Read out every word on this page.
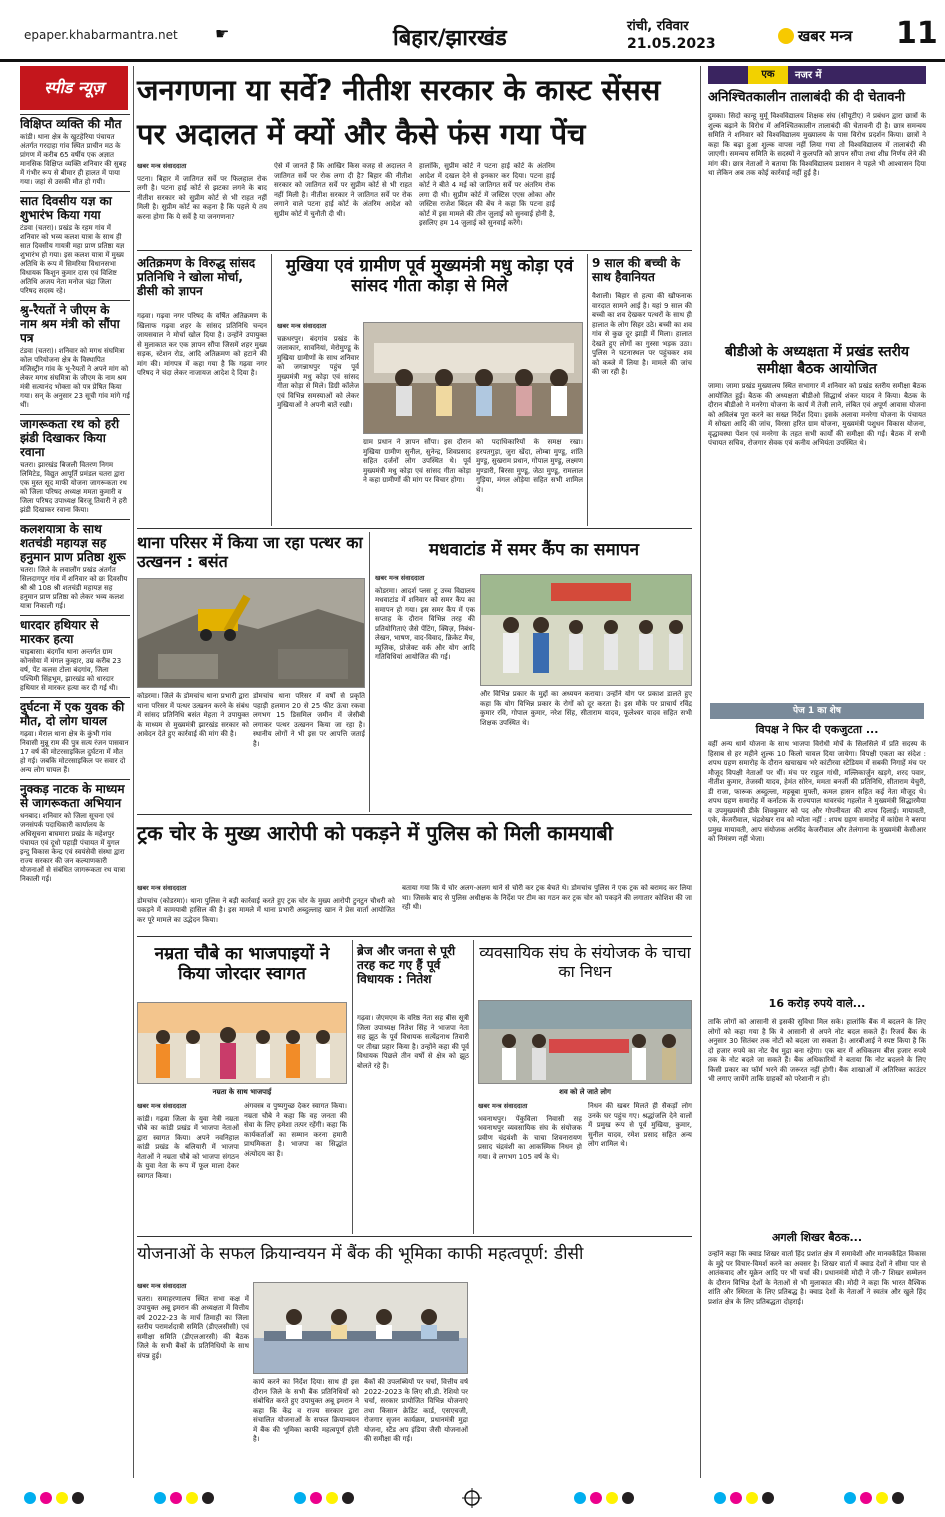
epaper.khabarmantra.net ☛	बिहार/झारखंड	रांची, रविवार
21.05.2023	खबर मन्त्र 11
स्पीड न्यूज़
विक्षिप्त व्यक्ति की मौत
कांडी। थाना क्षेत्र के खुटहेरिया पंचायत अंतर्गत गरदाहा गांव स्थित प्राचीन मठ के प्रांगण में करीब 65 वर्षीय एक अज्ञात मानसिक विक्षिप्त व्यक्ति शनिवार की सुबह में गंभीर रूप से बीमार ही हालत में पाया गया। जहां से उसकी मौत हो गयी।
सात दिवसीय यज्ञ का शुभारंभ किया गया
टंडवा (चतरा)। प्रखंड के रहम गांव में शनिवार को भव्य कलश यात्रा के साथ ही सात दिवसीय गायत्री महा प्राण प्रतिष्ठा यज्ञ शुभारंभ हो गया। इस कलश यात्रा में मुख्य अतिथि के रूप में सिमरिया विधानसभा विधायक किशुन कुमार दास एवं विशिष्ट अतिथि अजय नेता मनोज चंद्रा जिला परिषद सदस्य रहे।
श्रु-रैयतों ने जीएम के नाम श्रम मंत्री को सौंपा पत्र
टंडवा (चतरा)। शनिवार को मगध संघमित्रा कोल परियोजना क्षेत्र के विस्थापित मजिस्ट्रीन गांव के भू-रैयतों ने अपने मांग को लेकर मगध संघमित्रा के जीएम के नाम श्रम मंत्री सत्यानंद भोक्ता को पत्र प्रेषित किया गया। सन् के अनुसार 23 सूची गांव मांगे गई थीं।
जागरूकता रथ को हरी झंडी दिखाकर किया रवाना
चतरा। झारखंड बिजली वितरण निगम लिमिटेड, विद्युत आपूर्ति प्रमंडल चतरा द्वारा एक मुस्त सूद माफी योजना जागरूकता रथ को जिला परिषद अध्यक्ष ममता कुमारी व जिला परिषद उपाध्यक्ष बिरजू तिवारी ने हरी झंडी दिखाकर रवाना किया।
कलशयात्रा के साथ शतचंडी महायज्ञ सह हनुमान प्राण प्रतिष्ठा शुरू
चतरा। जिले के लवालौंग प्रखंड अंतर्गत सिलदागपुर गांव में शनिवार को छः दिवसीय श्री श्री 108 श्री शतचंडी महायज्ञ सह हनुमान प्राण प्रतिष्ठा को लेकर भव्य कलश यात्रा निकाली गई।
धारदार हथियार से मारकर हत्या
चाइबासा। बंदगाँव थाना अन्तर्गत ग्राम कोनसेया में मंगल कुम्हार, उम्र करीब 23 वर्ष, पेंट कलस टोला बंदगांव, जिला पश्चिमी सिंहभूम, झारखंड को धारदार हथियार से मारकर हत्या कर दी गई थी।
दुर्घटना में एक युवक की मौत, दो लोग घायल
गढ़वा। मेराल थाना क्षेत्र के कुंभी गांव निवासी मुन्नू राम की पुत्र सत्य रंजन पासवान 17 वर्ष की मोटरसाइकिल दुर्घटना में मौत हो गई। जबकि मोटरसाइकिल पर सवार दो अन्य लोग घायल हैं।
नुक्कड़ नाटक के माध्यम से जागरूकता अभियान
धनबाद। शनिवार को जिला सूचना एवं जनसंपर्क पदाधिकारी कार्यालय के अधिसूचना बाघमारा प्रखंड के महेशपुर पंचायत एवं दूधो पहाड़ी पंचायत में युगल इन्दु विकास केन्द्र एवं स्वयंसेवी संस्था द्वारा राज्य सरकार की जन कल्याणकारी योजनाओं से संबंधित जागरूकता रथ यात्रा निकाली गई।
जनगणना या सर्वे? नीतीश सरकार के कास्ट सेंसस पर अदालत में क्यों और कैसे फंस गया पेंच
खबर मन्त्र संवाददाता
पटना। बिहार में जातिगत सर्वे पर फिलहाल रोक लगी है। पटना हाई कोर्ट से झटका लगने के बाद नीतीश सरकार को सुप्रीम कोर्ट से भी राहत नहीं मिली है। सुप्रीम कोर्ट का कहना है कि पहले ये तय करना होगा कि ये सर्वे है या जनगणना?
ऐसे में जानते हैं कि आखिर किस वजह से अदालत ने जातिगत सर्वे पर रोक लगा दी है? बिहार की नीतीश सरकार को जातिगत सर्वे पर सुप्रीम कोर्ट से भी राहत नहीं मिली है। नीतीश सरकार ने जातिगत सर्वे पर रोक लगाने वाले पटना हाई कोर्ट के अंतरिम आदेश को सुप्रीम कोर्ट में चुनौती दी थी।
हालांकि, सुप्रीम कोर्ट ने पटना हाई कोर्ट के अंतरिम आदेश में दखल देने से इनकार कर दिया। पटना हाई कोर्ट ने बीते 4 मई को जातिगत सर्वे पर अंतरिम रोक लगा दी थी। सुप्रीम कोर्ट में जस्टिस एएस ओका और जस्टिस राजेश बिंदल की बेंच ने कहा कि पटना हाई कोर्ट में इस मामले की तीन जुलाई को सुनवाई होनी है, इसलिए हम 14 जुलाई को सुनवाई करेंगे।
अतिक्रमण के विरुद्ध सांसद प्रतिनिधि ने खोला मोर्चा, डीसी को ज्ञापन
गढ़वा। गढ़वा नगर परिषद के वर्षित अतिक्रमण के खिलाफ गढ़वा शहर के सांसद प्रतिनिधि चन्दन जायसवाल ने मोर्चा खोल दिया है। उन्होंने उपायुक्त से मुलाकात कर एक ज्ञापन सौंपा जिसमें शहर मुख्य सड़क, स्टेशन रोड, आदि अतिक्रमण को हटाने की मांग की। मांगपत्र में कहा गया है कि गढ़वा नगर परिषद ने चंदा लेकर नाजायज आदेश दे दिया है।
मुखिया एवं ग्रामीण पूर्व मुख्यमंत्री मधु कोड़ा एवं सांसद गीता कोड़ा से मिले
खबर मन्त्र संवाददाता
चक्रधरपुर। बंदगांव प्रखंड के जलाकार, सावनियां, मेरोमुण्डू के मुखिया ग्रामीणों के साथ शनिवार को जगन्नाथपुर पहुंच पूर्व मुख्यमंत्री मधु कोड़ा एवं सांसद गीता कोड़ा से मिले। डिग्री कॉलेज एवं विभिन्न समस्याओं को लेकर मुखियाओं ने अपनी बातें रखी।
ग्राम प्रधान ने ज्ञापन सौंपा। इस दौरान मुखिया ग्रामीण सुनील, सुनेन्द्र, शिवप्रसाद सहित दर्जनों लोग उपस्थित थे। पूर्व मुख्यमंत्री मधु कोड़ा एवं सांसद गीता कोड़ा ने कहा ग्रामीणों की मांग पर विचार होगा।
को पदाधिकारियों के समक्ष रखा। हरपतगुड़ा, जुरा खेंदा, लोम्बा मुण्डू, शांति मुण्डू, सुखराम प्रधान, गोपाल मुण्डू, लक्ष्मण मुण्डारी, बिरसा मुण्डू, जेठा मुण्डू, रामलाल गुड़िया, मंगल ओड़ेया सहित सभी शामिल थे।
9 साल की बच्ची के साथ हैवानियत
वैशाली। बिहार से हत्या की खौफनाक वारदात सामने आई है। यहां 9 साल की बच्ची का शव देखकर पत्थरों के साथ ही हालात के लोग सिहर उठे। बच्ची का शव गांव से कुछ दूर झाड़ी में मिला। हालात देखते हुए लोगों का गुस्सा भड़क उठा। पुलिस ने घटनास्थल पर पहुंचकर शव को कब्जे में लिया है। मामले की जांच की जा रही है।
थाना परिसर में किया जा रहा पत्थर का उत्खनन : बसंत
कोडरमा। जिले के डोमचांच थाना प्रभारी द्वारा थाना परिसर में पत्थर उत्खनन करने के संबंध में सांसद प्रतिनिधि बसंत मेहता ने उपायुक्त के माध्यम से मुख्यमंत्री झारखंड सरकार को आवेदन देते हुए कार्रवाई की मांग की है।
डोमचांच थाना परिसर में वर्षों से प्रकृति पहाड़ी हलमान 20 से 25 फीट ऊंचा रकवा लगभग 15 डिसमिल जमीन में जेसीबी लगाकर पत्थर उत्खनन किया जा रहा है। स्थानीय लोगों ने भी इस पर आपत्ति जताई है।
मधवाटांड में समर कैंप का समापन
खबर मन्त्र संवाददाता
कोडरमा। आदर्श प्लस टू उच्च विद्यालय मधवाटांड में शनिवार को समर कैंप का समापन हो गया। इस समर कैंप में एक सप्ताह के दौरान विभिन्न तरह की प्रतियोगिताएं जैसे पेंटिंग, क्विज़, निबंध-लेखन, भाषण, वाद-विवाद, क्रिकेट मैच, म्यूजिक, प्रोजेक्ट वर्क और योग आदि गतिविधियां आयोजित की गई।
और विभिन्न प्रकार के मुद्दों का अध्ययन कराया। उन्होंने योग पर प्रकाश डालते हुए कहा कि योग विभिन्न प्रकार के रोगों को दूर करता है। इस मौके पर प्राचार्य रविंद्र कुमार रवि, गोपाल कुमार, नरेश सिंह, सीताराम यादव, फूलेश्वर यादव सहित सभी शिक्षक उपस्थित थे।
ट्रक चोर के मुख्य आरोपी को पकड़ने में पुलिस को मिली कामयाबी
खबर मन्त्र संवाददाता
डोमचांच (कोडरमा)। थाना पुलिस ने बड़ी कार्रवाई करते हुए ट्रक चोर के मुख्य आरोपी टुनटुन चौधरी को पकड़ने में कामयाबी हासिल की है। इस मामले में थाना प्रभारी अब्दुल्लाह खान ने प्रेस वार्ता आयोजित कर पूरे मामले का उद्भेदन किया।
बताया गया कि ये चोर अलग-अलग थाने से चोरी कर ट्रक बेचते थे। डोमचांच पुलिस ने एक ट्रक को बरामद कर लिया था। जिसके बाद से पुलिस अधीक्षक के निर्देश पर टीम का गठन कर ट्रक चोर को पकड़ने की लगातार कोशिश की जा रही थी।
नम्रता चौबे का भाजपाइयों ने किया जोरदार स्वागत
नम्रता के साथ भाजपाई
खबर मन्त्र संवाददाता
कांडी। गढ़वा जिला के युवा नेत्री नम्रता चौबे का कांडी प्रखंड में भाजपा नेताओं द्वारा स्वागत किया। अपने नवनिहाल कांडी प्रखंड के बलियारी में भाजपा नेताओं ने नम्रता चौबे को भाजपा संगठन के युवा नेता के रूप में फूल माला देकर स्वागत किया।
अंगवस्त्र व पुष्पगुच्छ देकर स्वागत किया। नम्रता चौबे ने कहा कि वह जनता की सेवा के लिए हमेशा तत्पर रहेंगी। कहा कि कार्यकर्ताओं का सम्मान करना हमारी प्राथमिकता है। भाजपा का सिद्धांत अंत्योदय का है।
ब्रेज और जनता से पूरी तरह कट गए हैं पूर्व विधायक : नितेश
गढ़वा। जेएमएम के वरिष्ठ नेता सह बीस सूत्री जिला उपाध्यक्ष नितेश सिंह ने भाजपा नेता सह झूठ के पूर्व विधायक सत्येंद्रनाथ तिवारी पर तीखा प्रहार किया है। उन्होंने कहा की पूर्व विधायक पिछले तीन वर्षों से क्षेत्र को झूठ बोलते रहे हैं।
व्यवसायिक संघ के संयोजक के चाचा का निधन
शव को ले जाते लोग
खबर मन्त्र संवाददाता
भवनाथपुर। पेंकुविला निवासी सह भवनाथपुर व्यवसायिक संघ के संयोजक प्रवीण चंद्रवंशी के चाचा शिवनारायण प्रसाद चंद्रवंशी का आकस्मिक निधन हो गया। वे लगभग 105 वर्ष के थे।
निधन की खबर मिलते ही सैकड़ों लोग उनके घर पहुंच गए। श्रद्धांजलि देने वालों में प्रमुख रूप से पूर्व मुखिया, कुमार, सुनील यादव, रमेश प्रसाद सहित अन्य लोग शामिल थे।
योजनाओं के सफल क्रियान्वयन में बैंक की भूमिका काफी महत्वपूर्ण: डीसी
खबर मन्त्र संवाददाता
चतरा। समाहरणालय स्थित सभा कक्ष में उपायुक्त अबू इमरान की अध्यक्षता में वित्तीय वर्ष 2022-23 के मार्च तिमाही का जिला स्तरीय परामर्शदात्री समिति (डीएलसीसी) एवं समीक्षा समिति (डीएलआरसी) की बैठक जिले के सभी बैंकों के प्रतिनिधियों के साथ संपन्न हुई।
कार्य करने का निर्देश दिया। साथ ही इस दौरान जिले के सभी बैंक प्रतिनिधियों को संबोधित करते हुए उपायुक्त अबू इमरान ने कहा कि केंद्र व राज्य सरकार द्वारा संचालित योजनाओं के सफल क्रियान्वयन में बैंक की भूमिका काफी महत्वपूर्ण होती है।
बैंकों की उपलब्धियों पर चर्चा, वित्तीय वर्ष 2022-2023 के लिए सी.डी. रेशियो पर चर्चा, सरकार प्रायोजित विभिन्न योजनाएं तथा किसान क्रेडिट कार्ड, एसएचजी, रोजगार सृजन कार्यक्रम, प्रधानमंत्री मुद्रा योजना, स्टैंड अप इंडिया जैसी योजनाओं की समीक्षा की गई।
एक	नजर में
अनिश्चितकालीन तालाबंदी की दी चेतावनी
दुमका। सिदो कान्हू मुर्मू विश्वविद्यालय शिक्षक संघ (सीयूटीए) ने प्रबंधन द्वारा छात्रों के शुल्क बढ़ाने के विरोध में अनिश्चितकालीन तालाबंदी की चेतावनी दी है। छात्र समन्वय समिति ने शनिवार को विश्वविद्यालय मुख्यालय के पास विरोध प्रदर्शन किया। छात्रों ने कहा कि बढ़ा हुआ शुल्क वापस नहीं लिया गया तो विश्वविद्यालय में तालाबंदी की जाएगी। समन्वय समिति के सदस्यों ने कुलपति को ज्ञापन सौंपा तथा शीघ्र निर्णय लेने की मांग की। छात्र नेताओं ने बताया कि विश्वविद्यालय प्रशासन ने पहले भी आश्वासन दिया था लेकिन अब तक कोई कार्रवाई नहीं हुई है।
बीडीओ के अध्यक्षता में प्रखंड स्तरीय समीक्षा बैठक आयोजित
जामा। जामा प्रखंड मुख्यालय स्थित सभागार में शनिवार को प्रखंड स्तरीय समीक्षा बैठक आयोजित हुई। बैठक की अध्यक्षता बीडीओ सिद्धार्थ शंकर यादव ने किया। बैठक के दौरान बीडीओ ने मनरेगा योजना के कार्य में तेजी लाने, लंबित एवं अपूर्ण आवास योजना को अविलंब पूरा करने का सख्त निर्देश दिया। इसके अलावा मनरेगा योजना के पंचायत में सोख्ता आदि की जांच, विरसा हरित ग्राम योजना, मुख्यमंत्री पशुधन विकास योजना, वृद्धावस्था पेंशन एवं मनरेगा के तहत सभी कार्यों की समीक्षा की गई। बैठक में सभी पंचायत सचिव, रोजगार सेवक एवं कनीय अभियंता उपस्थित थे।
पेज 1 का शेष
विपक्ष ने फिर दी एकजुटता ...
वहीं अन्य धार्म योजना के साथ भाजपा विरोधी मोर्चे के सिलसिले में प्रति सदस्य के हिसाब से हर महीने शुल्क 10 किलो चावल दिया जायेगा। विपक्षी एकता का संदेश : शपथ ग्रहण समारोह के दौरान खचाखच भरे कांटीरवा स्टेडियम में सबकी निगाहें मंच पर मौजूद विपक्षी नेताओं पर थीं। मंच पर राहुल गांधी, मल्लिकार्जुन खड़गे, शरद पवार, नीतीश कुमार, तेजस्वी यादव, हेमंत सोरेन, ममता बनर्जी की प्रतिनिधि, सीताराम येचुरी, डी राजा, फारूक अब्दुल्ला, महबूबा मुफ्ती, कमल हासन सहित कई नेता मौजूद थे। शपथ ग्रहण समारोह में कर्नाटक के राज्यपाल थावरचंद गहलोत ने मुख्यमंत्री सिद्धारमैया व उपमुख्यमंत्री डीके शिवकुमार को पद और गोपनीयता की शपथ दिलाई। मायावती, एके, केजरीवाल, चंद्रशेखर राव को न्योता नहीं : शपथ ग्रहण समारोह में कांग्रेस ने बसपा प्रमुख मायावती, आप संयोजक अरविंद केजरीवाल और तेलंगाना के मुख्यमंत्री केसीआर को निमंत्रण नहीं भेजा।
16 करोड़ रुपये वाले...
ताकि लोगों को आसानी से इसकी सुविधा मिल सके। हालांकि बैंक में बदलने के लिए लोगों को कहा गया है कि वे आसानी से अपने नोट बदल सकते हैं। रिजर्व बैंक के अनुसार 30 सितंबर तक नोटों को बदला जा सकता है। आरबीआई ने स्पष्ट किया है कि दो हजार रुपये का नोट वैध मुद्रा बना रहेगा। एक बार में अधिकतम बीस हजार रुपये तक के नोट बदले जा सकते हैं। बैंक अधिकारियों ने बताया कि नोट बदलने के लिए किसी प्रकार का फॉर्म भरने की जरूरत नहीं होगी। बैंक शाखाओं में अतिरिक्त काउंटर भी लगाए जायेंगे ताकि ग्राहकों को परेशानी न हो।
अगली शिखर बैठक...
उन्होंने कहा कि क्वाड शिखर वार्ता हिंद प्रशांत क्षेत्र में समावेशी और मानवकेंद्रित विकास के मुद्दे पर विचार-विमर्श करने का अवसर है। शिखर वार्ता में क्वाड देशों ने सीमा पार से आतंकवाद और यूक्रेन आदि पर भी चर्चा की। प्रधानमंत्री मोदी ने जी-7 शिखर सम्मेलन के दौरान विभिन्न देशों के नेताओं से भी मुलाकात की। मोदी ने कहा कि भारत वैश्विक शांति और स्थिरता के लिए प्रतिबद्ध है। क्वाड देशों के नेताओं ने स्वतंत्र और खुले हिंद प्रशांत क्षेत्र के लिए प्रतिबद्धता दोहराई।
